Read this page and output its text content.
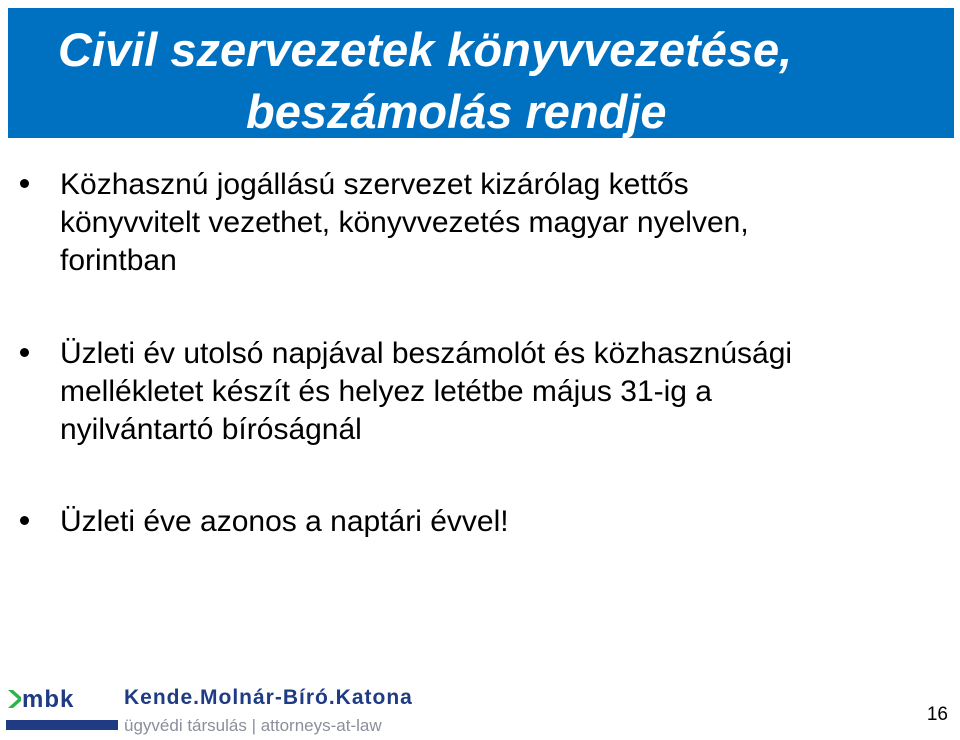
Civil szervezetek könyvvezetése,
beszámolás rendje
Közhasznú jogállású szervezet kizárólag kettős
könyvvitelt vezethet, könyvvezetés magyar nyelven,
forintban
Üzleti év utolsó napjával beszámolót és közhasznúsági
mellékletet készít és helyez letétbe május 31-ig a
nyilvántartó bíróságnál
Üzleti éve azonos a naptári évvel!
mbk Kende.Molnár-Bíró.Katona
ügyvédi társulás | attorneys-at-law
16
